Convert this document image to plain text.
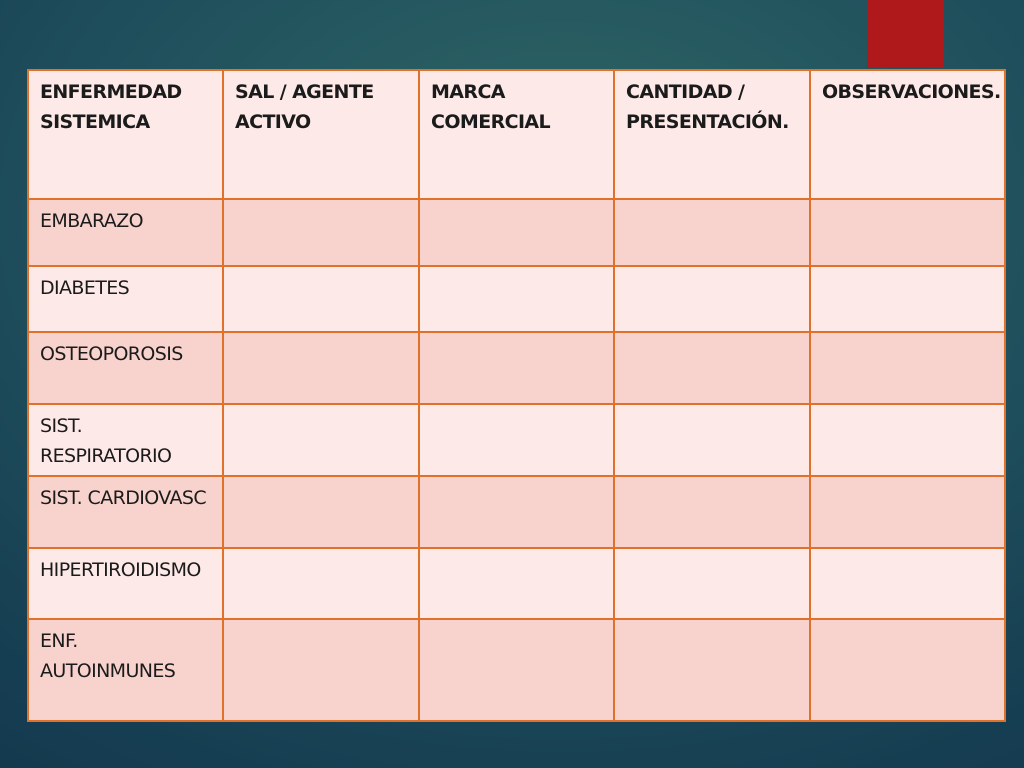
ENFERMEDAD SISTEMICA	SAL / AGENTE ACTIVO	MARCA COMERCIAL	CANTIDAD / PRESENTACIÓN.	OBSERVACIONES.
EMBARAZO				
DIABETES				
OSTEOPOROSIS				
SIST. RESPIRATORIO				
SIST. CARDIOVASC				
HIPERTIROIDISMO				
ENF. AUTOINMUNES				
